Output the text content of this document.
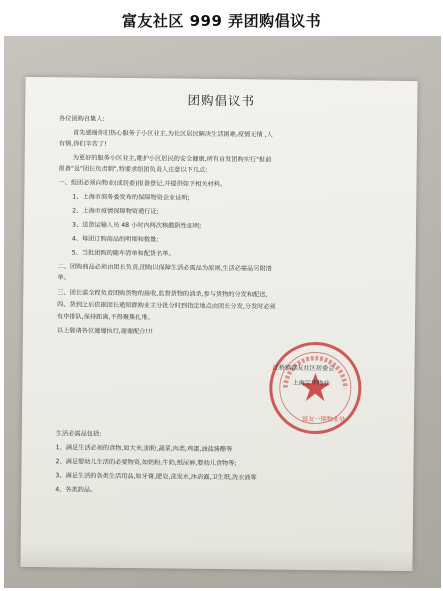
富友社区 999 弄团购倡议书
团购倡议书
各位团购召集人:
首先感谢你们热心服务于小区业主,为社区居民解决生活困难,疫情无情 ,人
有情,你们辛苦了!
为更好的服务小区业主,维护小区居民的安全健康,所有自发团购实行"报前
报备"及"团长负责制",特要求组团负责人注意以下几点:
一、组团必须向物业(或居委)报备登记,并提供如下相关材料。
1、上海市商务委发布的保障物资企业证明;
2、上海市疫情保障物资通行证;
3、送货运输人员 48 小时内两次核酸阴性证明;
4、每团订购商品的明细和数量;
5、当批团购的随车清单和配货名单。
二、团购商品必须由团长负责,团购以保障生活必需品为原则,生活必需品另附清
单。
三、团长需全程负责团购货物的接收,监督货物的消杀,参与货物的分发和配送,
四、货到之后依据团长通知群购业主分批分时到指定地点由团长分发,分发时必须
有序排队,保持距离,不得聚集扎堆。
以上敬请各位遵遵执行,谢谢配合!!!
江桥镇富友社区居委会
上海宝华物业
富友一期物业处
生活必需品包括:
1、满足生活必须的食物,如大米,面粉,蔬菜,肉类,鸡蛋,油盐酱醋等
2、满足婴幼儿生活的必要物资,如奶粉,牛奶,纸尿裤,婴幼儿食物等;
3、满足生活的各类生活用品,如牙膏,肥皂,洗发水,沐浴露,卫生纸,洗衣液等
4、各类药品。
